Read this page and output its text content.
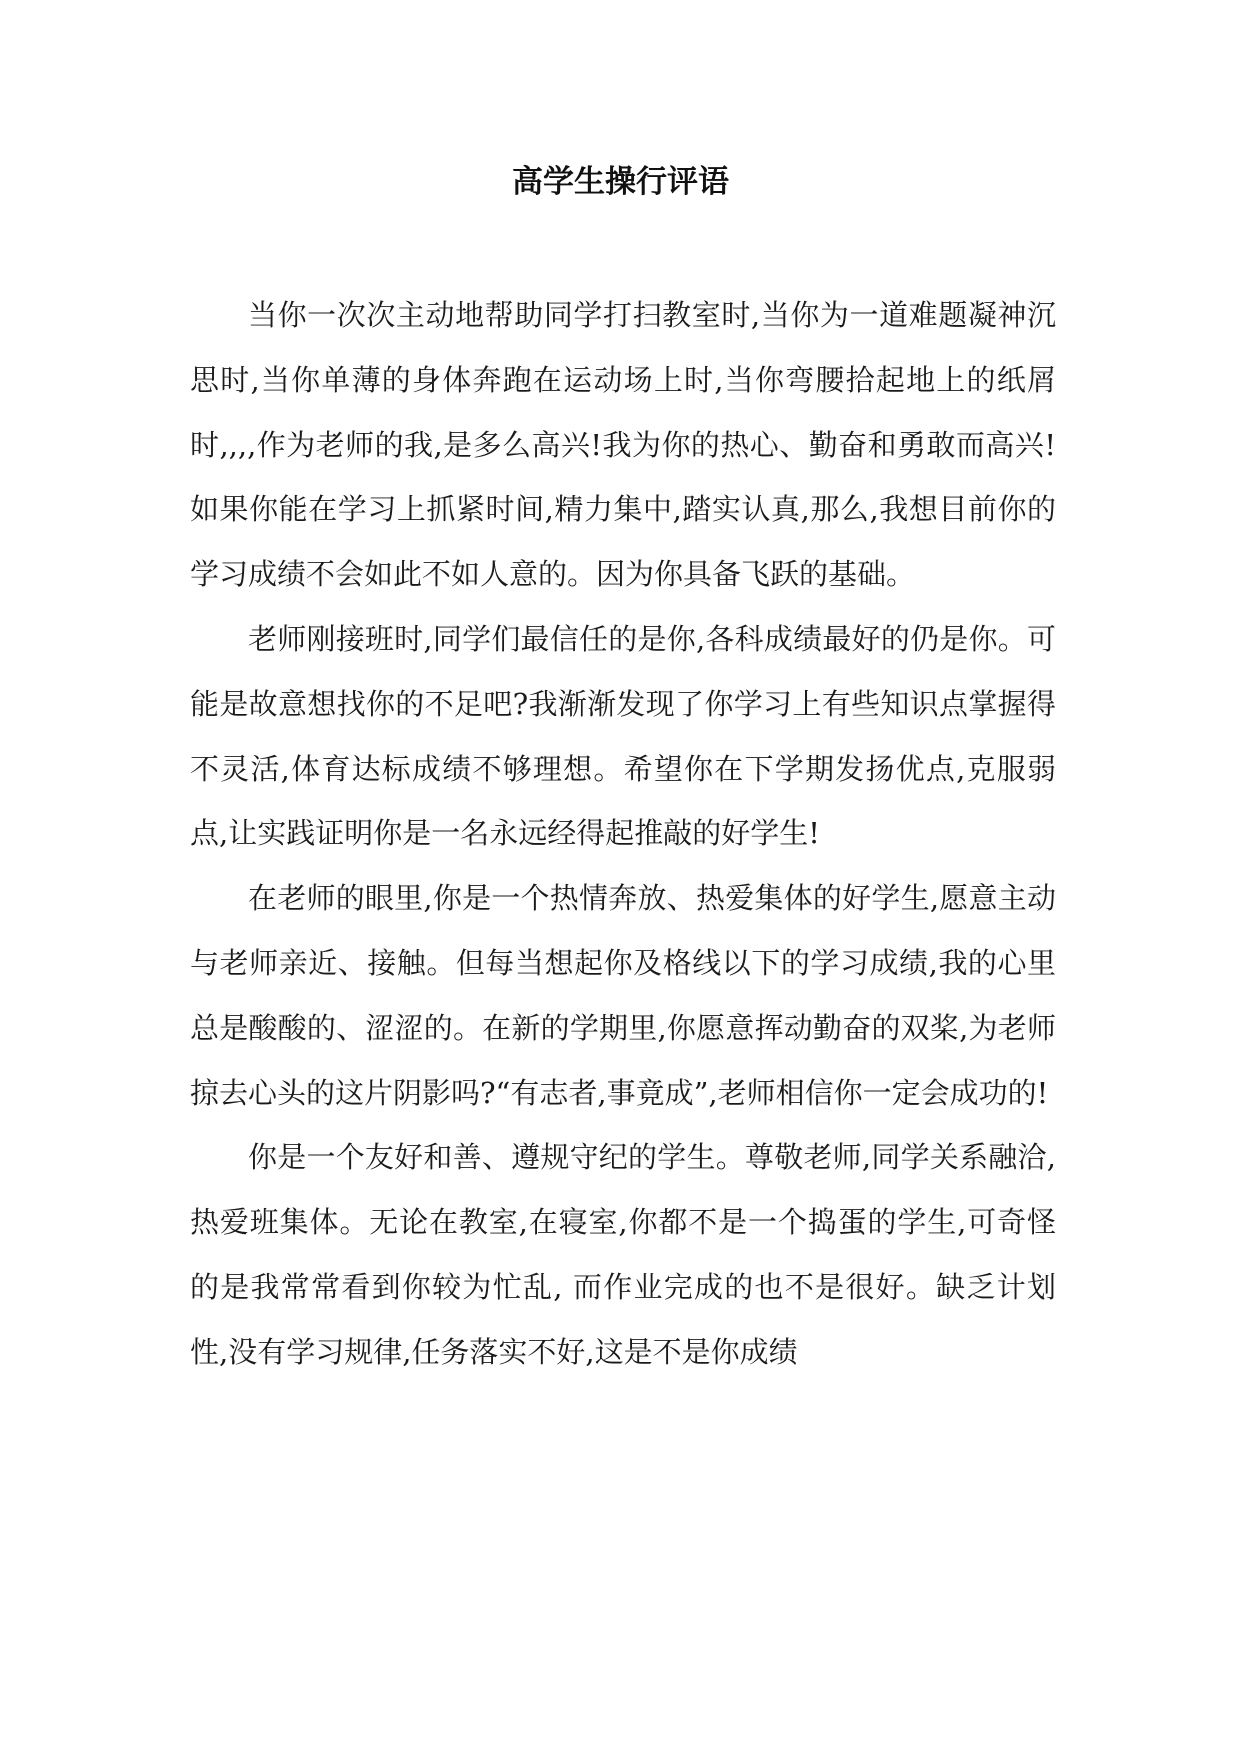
高学生操行评语

当你一次次主动地帮助同学打扫教室时,当你为一道难题凝神沉思时,当你单薄的身体奔跑在运动场上时,当你弯腰拾起地上的纸屑时,,,,作为老师的我,是多么高兴!我为你的热心、勤奋和勇敢而高兴!如果你能在学习上抓紧时间,精力集中,踏实认真,那么,我想目前你的学习成绩不会如此不如人意的。因为你具备飞跃的基础。

老师刚接班时,同学们最信任的是你,各科成绩最好的仍是你。可能是故意想找你的不足吧?我渐渐发现了你学习上有些知识点掌握得不灵活,体育达标成绩不够理想。希望你在下学期发扬优点,克服弱点,让实践证明你是一名永远经得起推敲的好学生!

在老师的眼里,你是一个热情奔放、热爱集体的好学生,愿意主动与老师亲近、接触。但每当想起你及格线以下的学习成绩,我的心里总是酸酸的、涩涩的。在新的学期里,你愿意挥动勤奋的双桨,为老师掠去心头的这片阴影吗?“有志者,事竟成”,老师相信你一定会成功的!

你是一个友好和善、遵规守纪的学生。尊敬老师,同学关系融洽,热爱班集体。无论在教室,在寝室,你都不是一个捣蛋的学生,可奇怪的是我常常看到你较为忙乱, 而作业完成的也不是很好。缺乏计划性,没有学习规律,任务落实不好,这是不是你成绩
